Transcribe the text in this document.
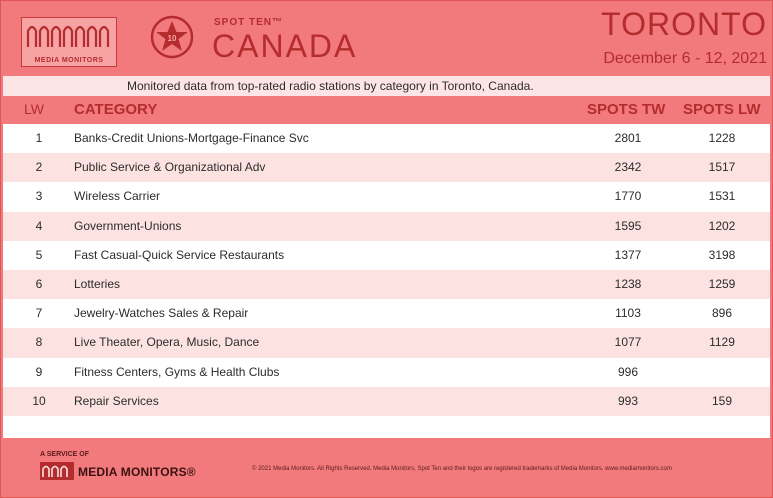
MEDIA MONITORS
10
SPOT TEN™
CANADA
TORONTO
December 6 - 12, 2021
Monitored data from top-rated radio stations by category in Toronto, Canada.
LW CATEGORY	SPOTS TW SPOTS LW
1	Banks-Credit Unions-Mortgage-Finance Svc	2801	1228
2	Public Service & Organizational Adv	2342	1517
3	Wireless Carrier	1770	1531
4	Government-Unions	1595	1202
5	Fast Casual-Quick Service Restaurants	1377	3198
6	Lotteries	1238	1259
7	Jewelry-Watches Sales & Repair	1103	896
8	Live Theater, Opera, Music, Dance	1077	1129
9	Fitness Centers, Gyms & Health Clubs	996
10	Repair Services	993	159
A SERVICE OF
MEDIA MONITORS®	© 2021 Media Monitors. All Rights Reserved. Media Monitors, Spot Ten and their logos are registered trademarks of Media Monitors. www.mediamonitors.com
